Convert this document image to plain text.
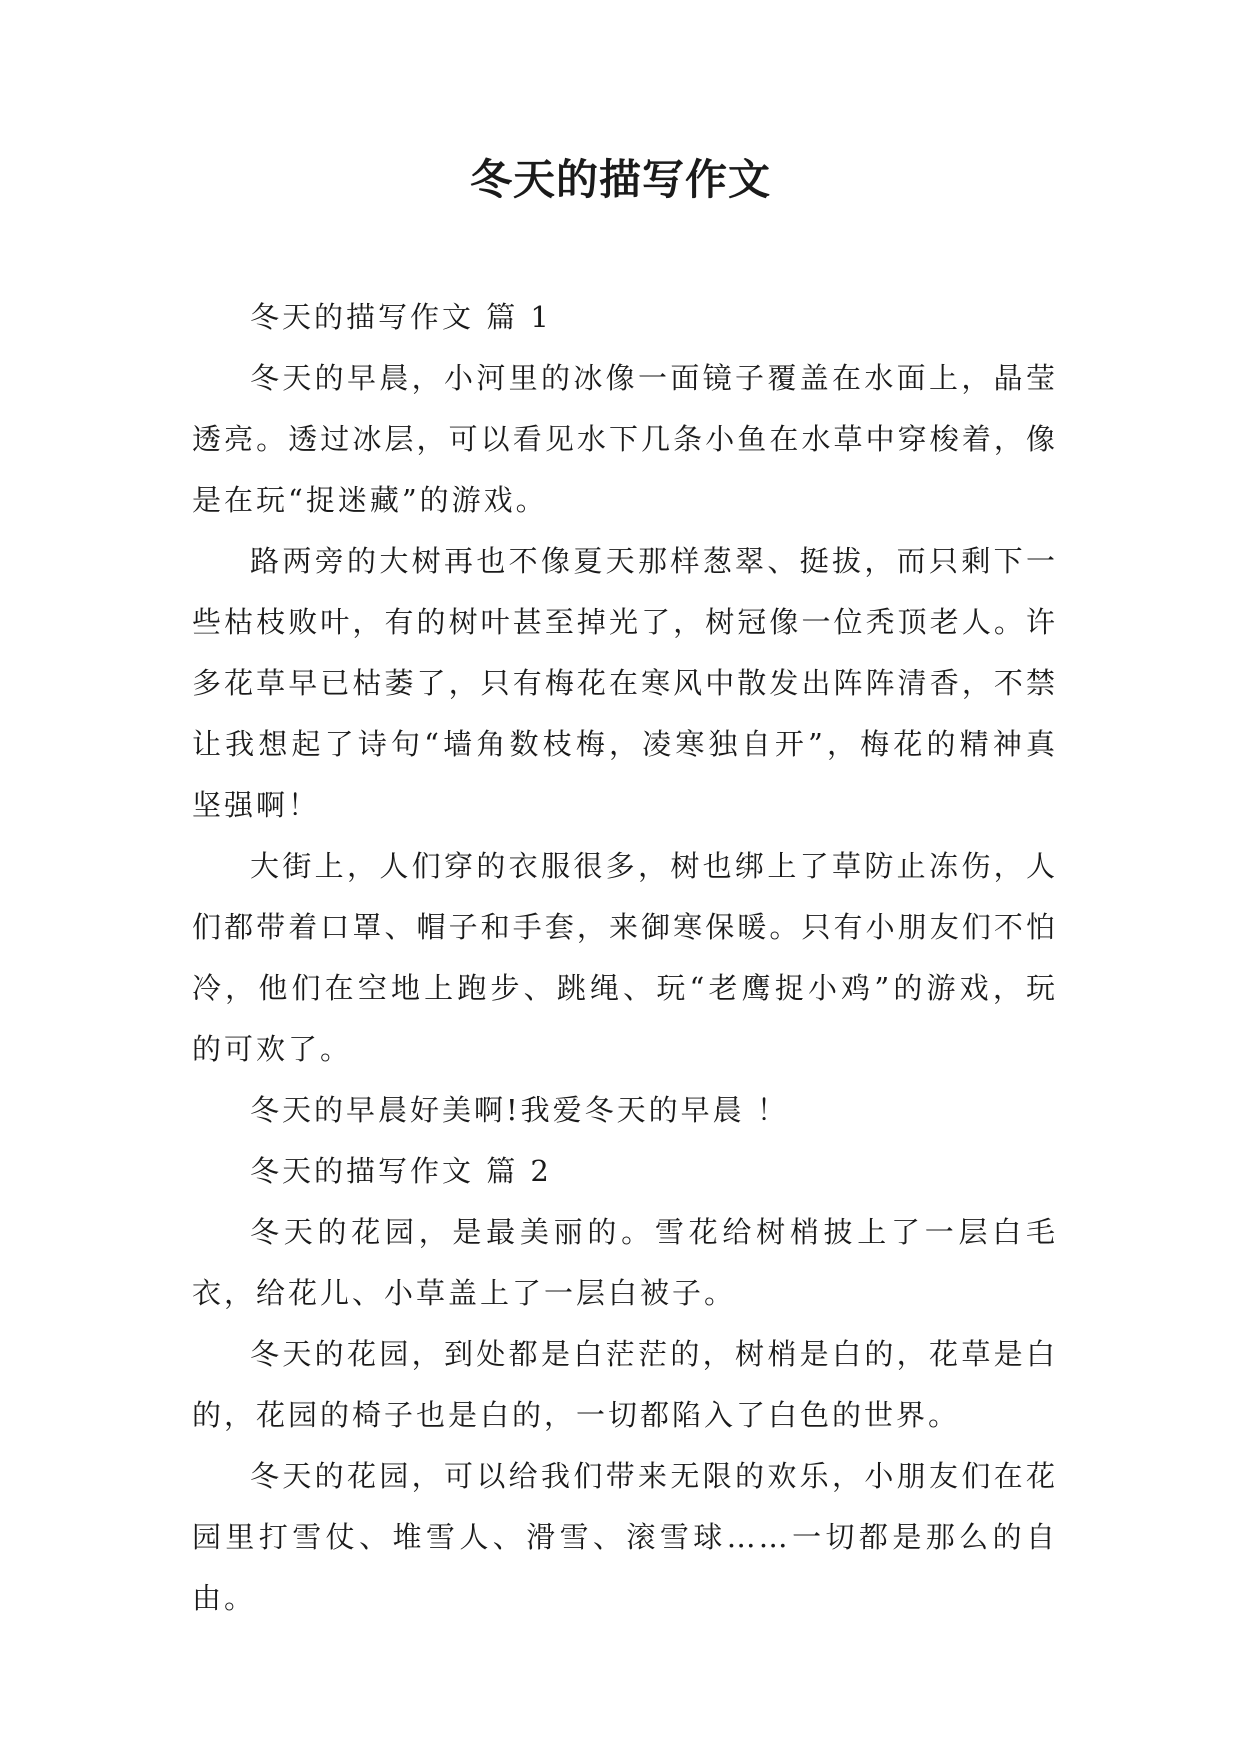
冬天的描写作文

冬天的描写作文 篇 1

冬天的早晨，小河里的冰像一面镜子覆盖在水面上，晶莹透亮。透过冰层，可以看见水下几条小鱼在水草中穿梭着，像是在玩“捉迷藏”的游戏。

路两旁的大树再也不像夏天那样葱翠、挺拔，而只剩下一些枯枝败叶，有的树叶甚至掉光了，树冠像一位秃顶老人。许多花草早已枯萎了，只有梅花在寒风中散发出阵阵清香，不禁让我想起了诗句“墙角数枝梅，凌寒独自开”，梅花的精神真坚强啊！

大街上，人们穿的衣服很多，树也绑上了草防止冻伤，人们都带着口罩、帽子和手套，来御寒保暖。只有小朋友们不怕冷，他们在空地上跑步、跳绳、玩“老鹰捉小鸡”的游戏，玩的可欢了。

冬天的早晨好美啊!我爱冬天的早晨 ！

冬天的描写作文 篇 2

冬天的花园，是最美丽的。雪花给树梢披上了一层白毛衣，给花儿、小草盖上了一层白被子。

冬天的花园，到处都是白茫茫的，树梢是白的，花草是白的，花园的椅子也是白的，一切都陷入了白色的世界。

冬天的花园，可以给我们带来无限的欢乐，小朋友们在花园里打雪仗、堆雪人、滑雪、滚雪球……一切都是那么的自由。
